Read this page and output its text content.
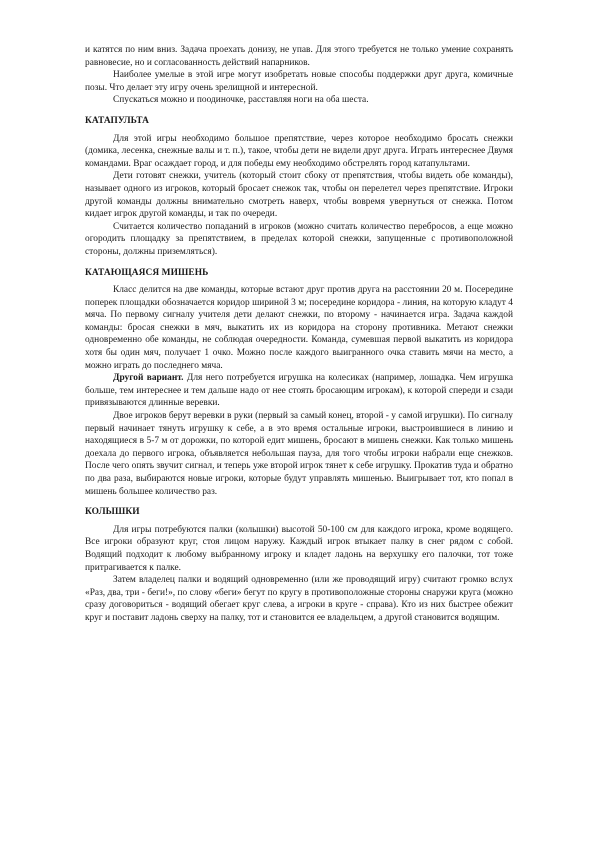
и катятся по ним вниз. Задача проехать донизу, не упав. Для этого требуется не только умение сохранять равновесие, но и согласованность действий напарников.

Наиболее умелые в этой игре могут изобретать новые способы поддержки друг друга, комичные позы. Что делает эту игру очень зрелищной и интересной.

Спускаться можно и поодиночке, расставляя ноги на оба шеста.

КАТАПУЛЬТА

Для этой игры необходимо большое препятствие, через которое необходимо бросать снежки (домика, лесенка, снежные валы и т. п.), такое, чтобы дети не видели друг друга. Играть интереснее Двумя командами. Враг осаждает город, и для победы ему необходимо обстрелять город катапультами.

Дети готовят снежки, учитель (который стоит сбоку от препятствия, чтобы видеть обе команды), называет одного из игроков, который бросает снежок так, чтобы он перелетел через препятствие. Игроки другой команды должны внимательно смотреть наверх, чтобы вовремя увернуться от снежка. Потом кидает игрок другой команды, и так по очереди.

Считается количество попаданий в игроков (можно считать количество перебросов, а еще можно огородить площадку за препятствием, в пределах которой снежки, запущенные с противоположной стороны, должны приземляться).

КАТАЮЩАЯСЯ МИШЕНЬ

Класс делится на две команды, которые встают друг против друга на расстоянии 20 м. Посередине поперек площадки обозначается коридор шириной 3 м; посередине коридора - линия, на которую кладут 4 мяча. По первому сигналу учителя дети делают снежки, по второму - начинается игра. Задача каждой команды: бросая снежки в мяч, выкатить их из коридора на сторону противника. Метают снежки одновременно обе команды, не соблюдая очередности. Команда, сумевшая первой выкатить из коридора хотя бы один мяч, получает 1 очко. Можно после каждого выигранного очка ставить мячи на место, а можно играть до последнего мяча.

Другой вариант. Для него потребуется игрушка на колесиках (например, лошадка. Чем игрушка больше, тем интереснее и тем дальше надо от нее стоять бросающим игрокам), к которой спереди и сзади привязываются длинные веревки.

Двое игроков берут веревки в руки (первый за самый конец, второй - у самой игрушки). По сигналу первый начинает тянуть игрушку к себе, а в это время остальные игроки, выстроившиеся в линию и находящиеся в 5-7 м от дорожки, по которой едит мишень, бросают в мишень снежки. Как только мишень доехала до первого игрока, объявляется небольшая пауза, для того чтобы игроки набрали еще снежков. После чего опять звучит сигнал, и теперь уже второй игрок тянет к себе игрушку. Прокатив туда и обратно по два раза, выбираются новые игроки, которые будут управлять мишенью. Выигрывает тот, кто попал в мишень большее количество раз.

КОЛЫШКИ

Для игры потребуются палки (колышки) высотой 50-100 см для каждого игрока, кроме водящего. Все игроки образуют круг, стоя лицом наружу. Каждый игрок втыкает палку в снег рядом с собой. Водящий подходит к любому выбранному игроку и кладет ладонь на верхушку его палочки, тот тоже притрагивается к палке.

Затем владелец палки и водящий одновременно (или же проводящий игру) считают громко вслух «Раз, два, три - беги!», по слову «беги» бегут по кругу в противоположные стороны снаружи круга (можно сразу договориться - водящий обегает круг слева, а игроки в круге - справа). Кто из них быстрее обежит круг и поставит ладонь сверху на палку, тот и становится ее владельцем, а другой становится водящим.
